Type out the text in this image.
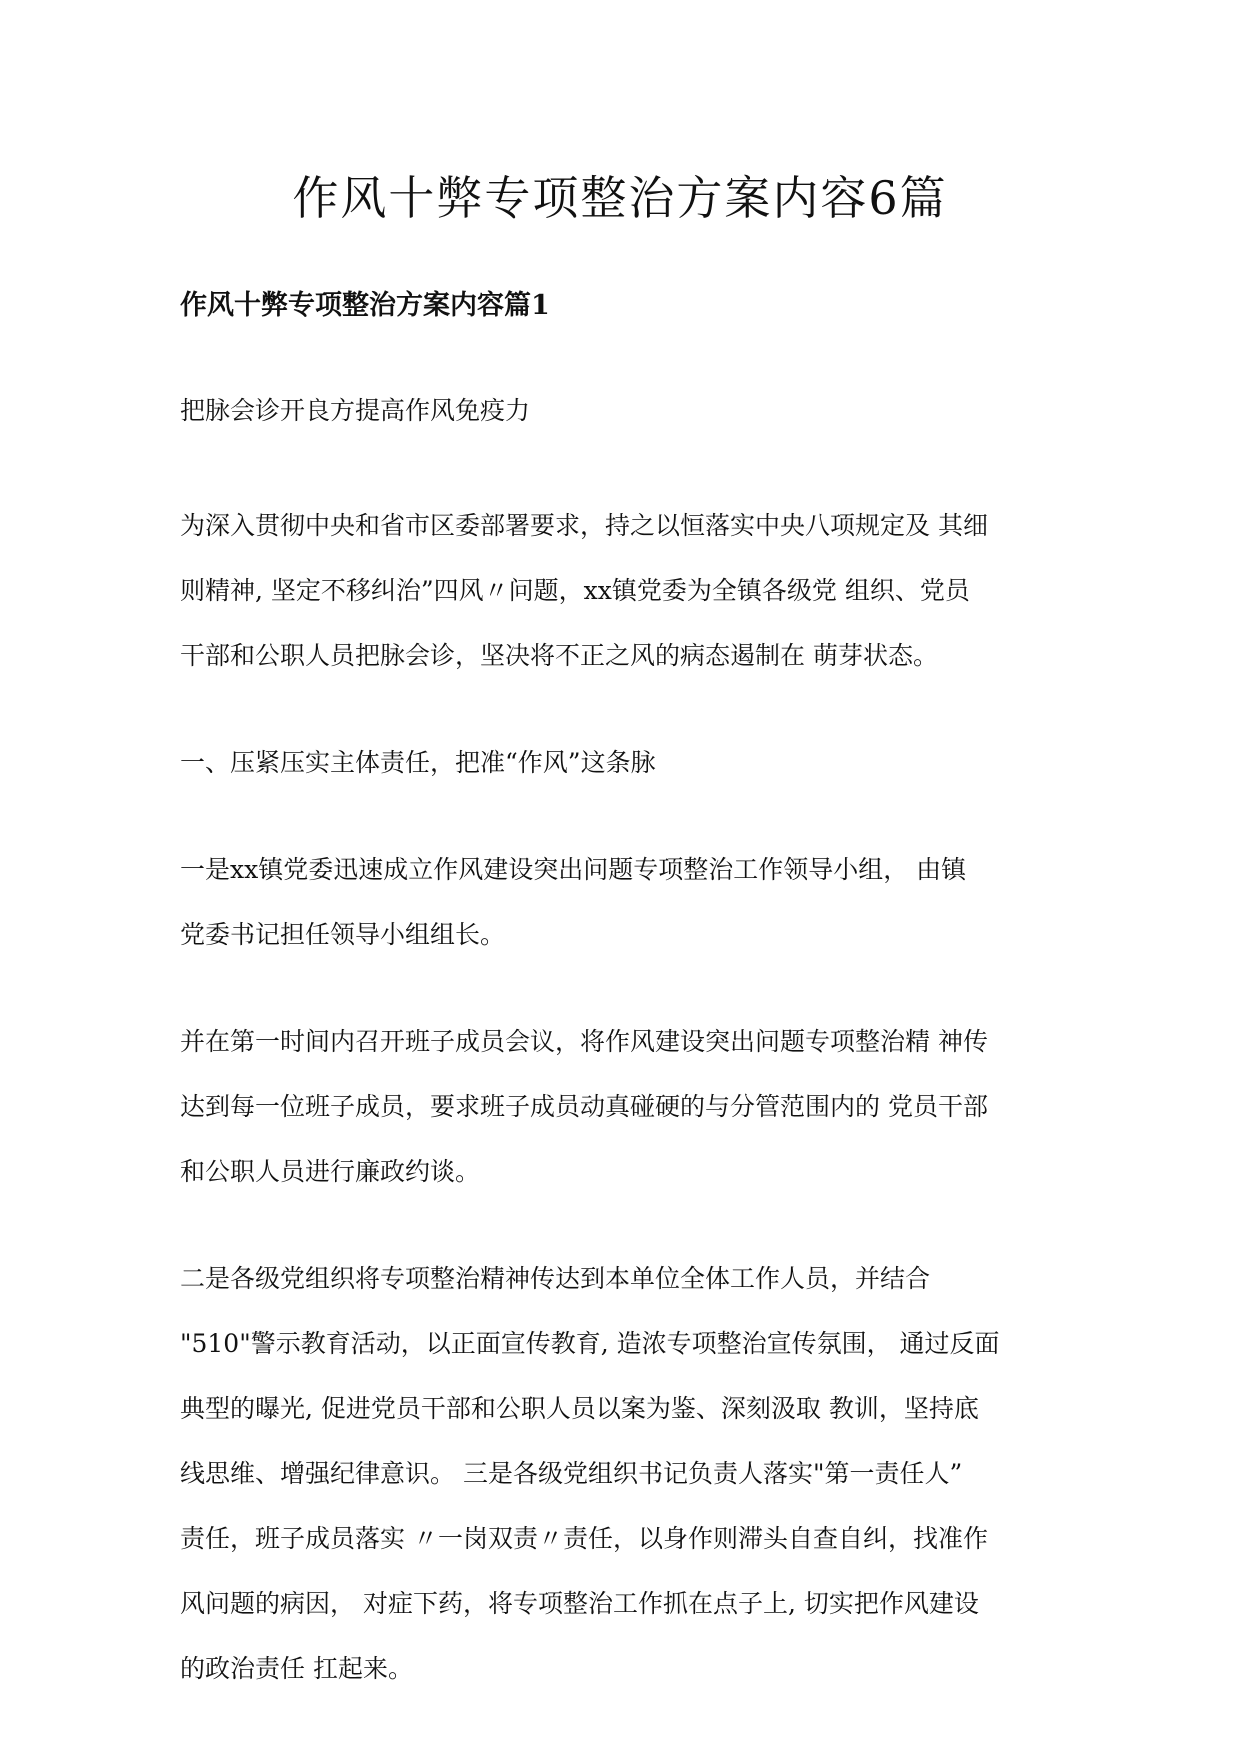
作风十弊专项整治方案内容6篇
作风十弊专项整治方案内容篇1
把脉会诊开良方提高作风免疫力
为深入贯彻中央和省市区委部署要求，持之以恒落实中央八项规定及 其细
则精神, 坚定不移纠治”四风〃问题，xx镇党委为全镇各级党 组织、党员
干部和公职人员把脉会诊，坚决将不正之风的病态遏制在 萌芽状态。
一、压紧压实主体责任，把准“作风”这条脉
一是xx镇党委迅速成立作风建设突出问题专项整治工作领导小组， 由镇
党委书记担任领导小组组长。
并在第一时间内召开班子成员会议，将作风建设突出问题专项整治精 神传
达到每一位班子成员，要求班子成员动真碰硬的与分管范围内的 党员干部
和公职人员进行廉政约谈。
二是各级党组织将专项整治精神传达到本单位全体工作人员，并结合
"510"警示教育活动，以正面宣传教育, 造浓专项整治宣传氛围， 通过反面
典型的曝光, 促进党员干部和公职人员以案为鉴、深刻汲取 教训，坚持底
线思维、增强纪律意识。 三是各级党组织书记负责人落实"第一责任人”
责任，班子成员落实 〃一岗双责〃责任，以身作则滞头自查自纠，找准作
风问题的病因， 对症下药，将专项整治工作抓在点子上, 切实把作风建设
的政治责任 扛起来。
